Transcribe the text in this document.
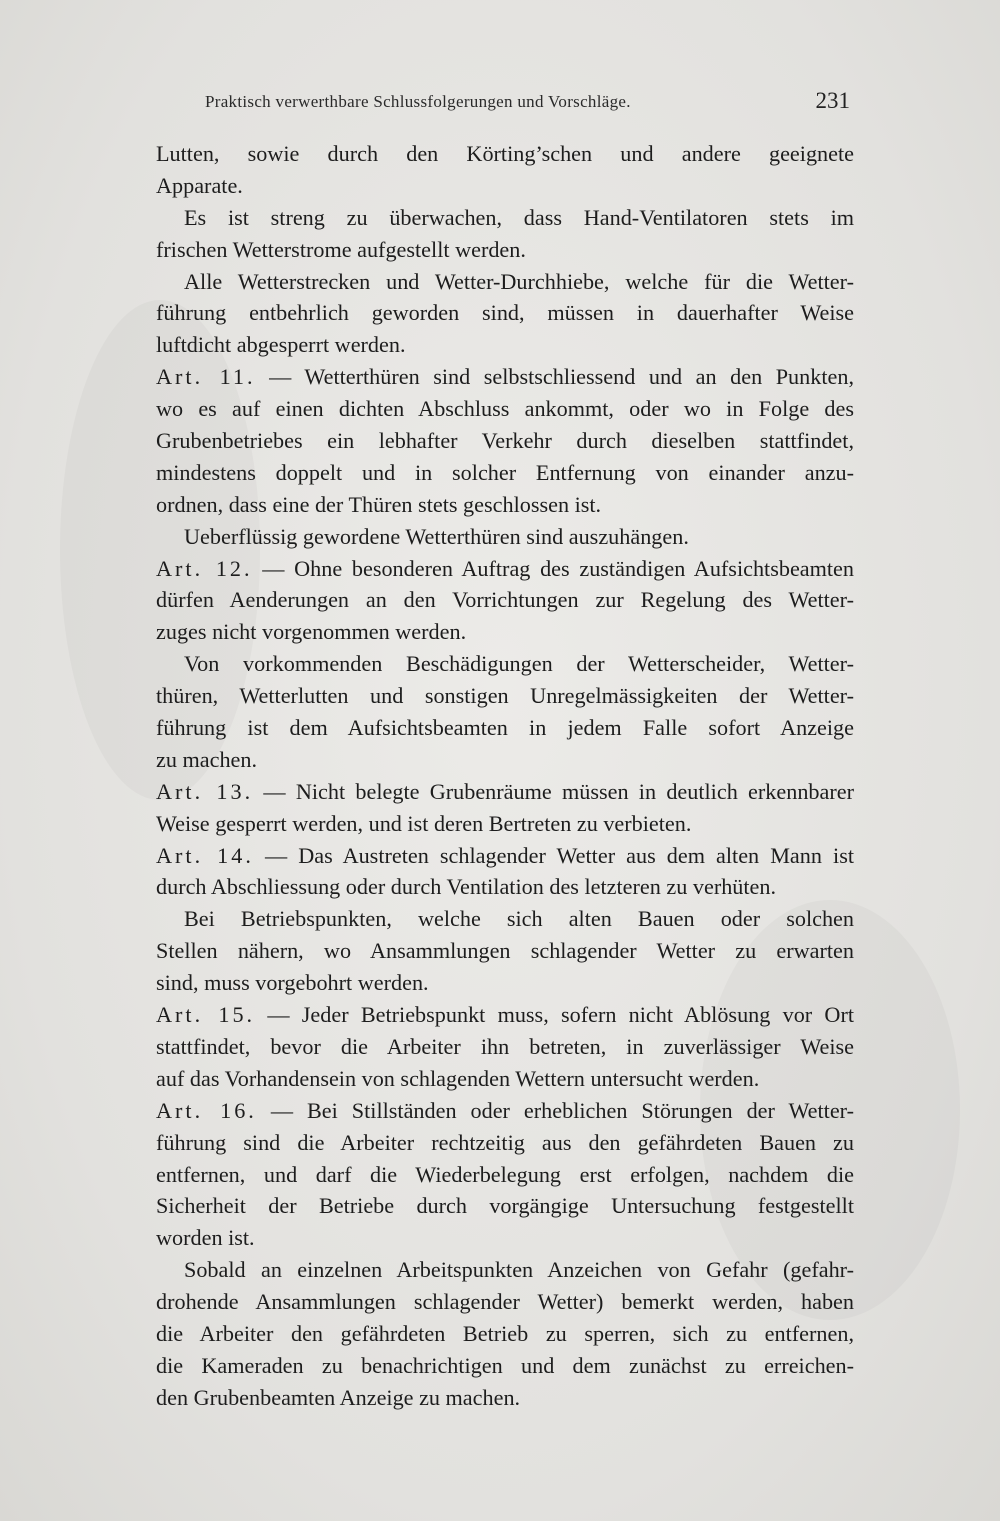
Praktisch verwerthbare Schlussfolgerungen und Vorschläge.	231
Lutten, sowie durch den Körting’schen und andere geeignete
Apparate.
Es ist streng zu überwachen, dass Hand-Ventilatoren stets im
frischen Wetterstrome aufgestellt werden.
Alle Wetterstrecken und Wetter-Durchhiebe, welche für die Wetter-
führung entbehrlich geworden sind, müssen in dauerhafter Weise
luftdicht abgesperrt werden.
Art. 11. — Wetterthüren sind selbstschliessend und an den Punkten,
wo es auf einen dichten Abschluss ankommt, oder wo in Folge des
Grubenbetriebes ein lebhafter Verkehr durch dieselben stattfindet,
mindestens doppelt und in solcher Entfernung von einander anzu-
ordnen, dass eine der Thüren stets geschlossen ist.
Ueberflüssig gewordene Wetterthüren sind auszuhängen.
Art. 12. — Ohne besonderen Auftrag des zuständigen Aufsichtsbeamten
dürfen Aenderungen an den Vorrichtungen zur Regelung des Wetter-
zuges nicht vorgenommen werden.
Von vorkommenden Beschädigungen der Wetterscheider, Wetter-
thüren, Wetterlutten und sonstigen Unregelmässigkeiten der Wetter-
führung ist dem Aufsichtsbeamten in jedem Falle sofort Anzeige
zu machen.
Art. 13. — Nicht belegte Grubenräume müssen in deutlich erkennbarer
Weise gesperrt werden, und ist deren Bertreten zu verbieten.
Art. 14. — Das Austreten schlagender Wetter aus dem alten Mann ist
durch Abschliessung oder durch Ventilation des letzteren zu verhüten.
Bei Betriebspunkten, welche sich alten Bauen oder solchen
Stellen nähern, wo Ansammlungen schlagender Wetter zu erwarten
sind, muss vorgebohrt werden.
Art. 15. — Jeder Betriebspunkt muss, sofern nicht Ablösung vor Ort
stattfindet, bevor die Arbeiter ihn betreten, in zuverlässiger Weise
auf das Vorhandensein von schlagenden Wettern untersucht werden.
Art. 16. — Bei Stillständen oder erheblichen Störungen der Wetter-
führung sind die Arbeiter rechtzeitig aus den gefährdeten Bauen zu
entfernen, und darf die Wiederbelegung erst erfolgen, nachdem die
Sicherheit der Betriebe durch vorgängige Untersuchung festgestellt
worden ist.
Sobald an einzelnen Arbeitspunkten Anzeichen von Gefahr (gefahr-
drohende Ansammlungen schlagender Wetter) bemerkt werden, haben
die Arbeiter den gefährdeten Betrieb zu sperren, sich zu entfernen,
die Kameraden zu benachrichtigen und dem zunächst zu erreichen-
den Grubenbeamten Anzeige zu machen.
